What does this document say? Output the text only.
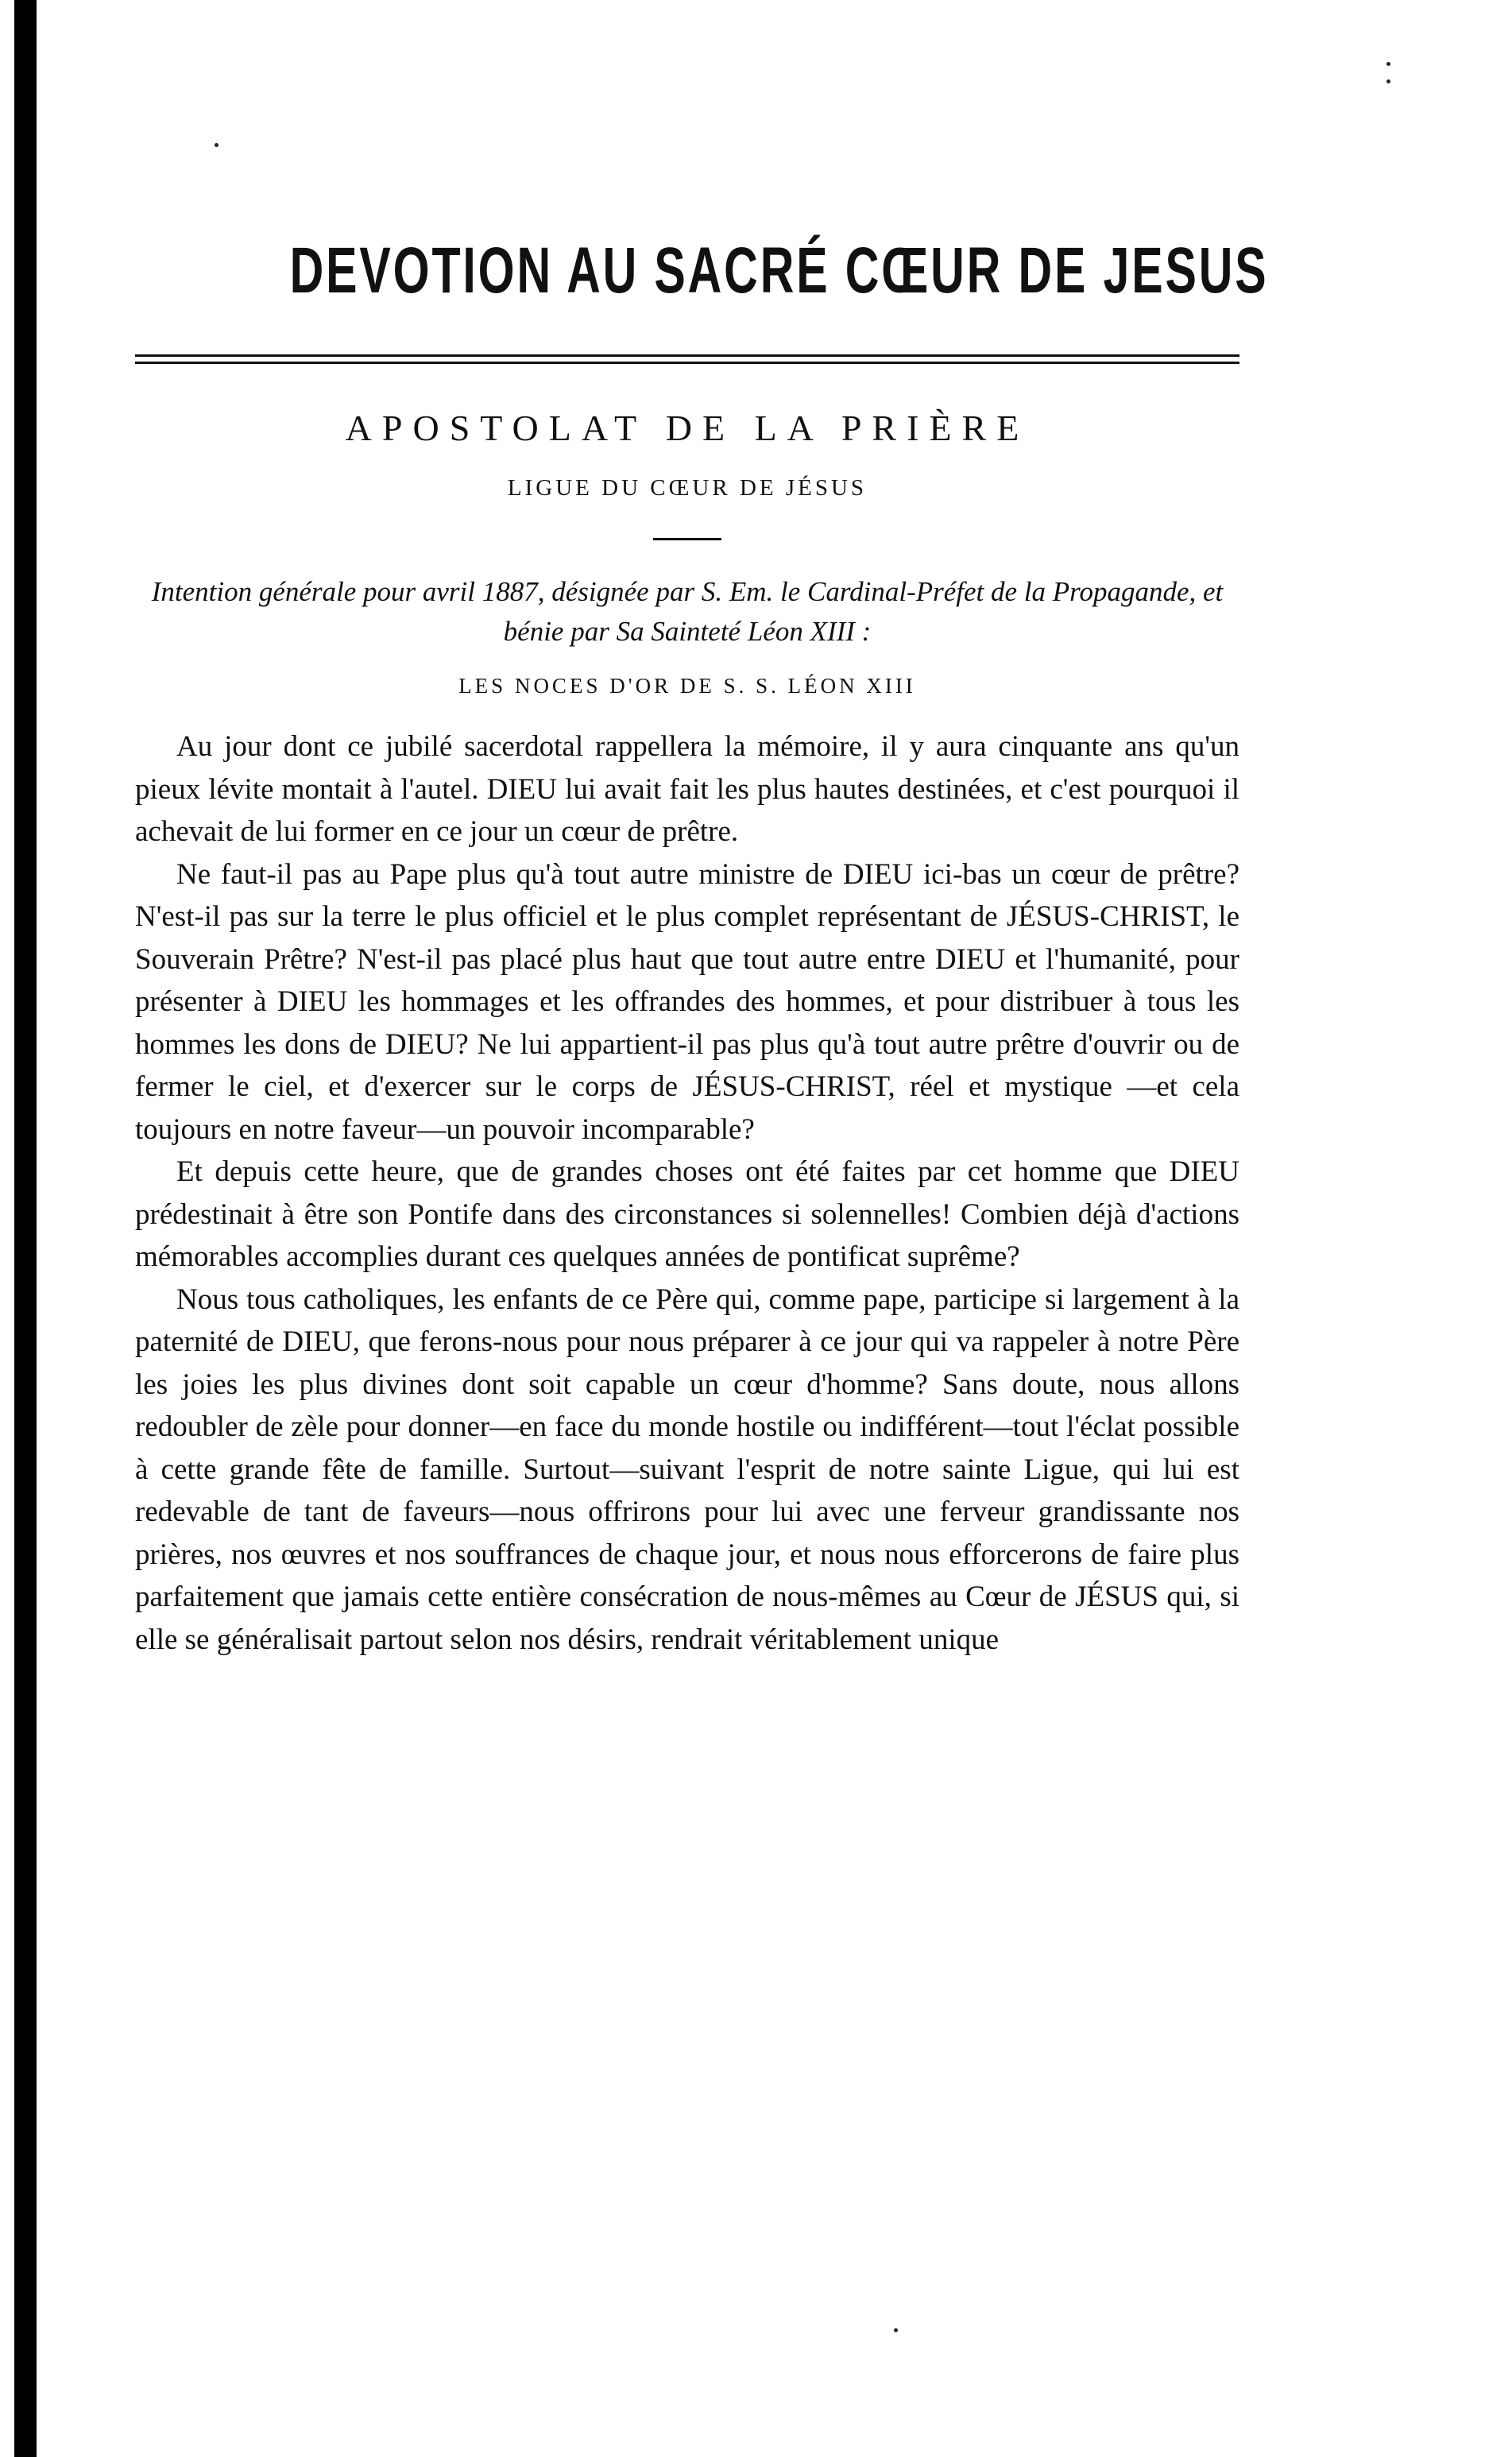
DEVOTION AU SACRÉ CŒUR DE JESUS
APOSTOLAT DE LA PRIÈRE
LIGUE DU CŒUR DE JÉSUS
Intention générale pour avril 1887, désignée par S. Em. le Cardinal-Préfet de la Propagande, et bénie par Sa Sainteté Léon XIII :
LES NOCES D'OR DE S. S. LÉON XIII

Au jour dont ce jubilé sacerdotal rappellera la mémoire, il y aura cinquante ans qu'un pieux lévite montait à l'autel. DIEU lui avait fait les plus hautes destinées, et c'est pourquoi il achevait de lui former en ce jour un cœur de prêtre.

Ne faut-il pas au Pape plus qu'à tout autre ministre de DIEU ici-bas un cœur de prêtre? N'est-il pas sur la terre le plus officiel et le plus complet représentant de JÉSUS-CHRIST, le Souverain Prêtre? N'est-il pas placé plus haut que tout autre entre DIEU et l'humanité, pour présenter à DIEU les hommages et les offrandes des hommes, et pour distribuer à tous les hommes les dons de DIEU? Ne lui appartient-il pas plus qu'à tout autre prêtre d'ouvrir ou de fermer le ciel, et d'exercer sur le corps de JÉSUS-CHRIST, réel et mystique —et cela toujours en notre faveur—un pouvoir incomparable?

Et depuis cette heure, que de grandes choses ont été faites par cet homme que DIEU prédestinait à être son Pontife dans des circonstances si solennelles! Combien déjà d'actions mémorables accomplies durant ces quelques années de pontificat suprême?

Nous tous catholiques, les enfants de ce Père qui, comme pape, participe si largement à la paternité de DIEU, que ferons-nous pour nous préparer à ce jour qui va rappeler à notre Père les joies les plus divines dont soit capable un cœur d'homme? Sans doute, nous allons redoubler de zèle pour donner—en face du monde hostile ou indifférent—tout l'éclat possible à cette grande fête de famille. Surtout—suivant l'esprit de notre sainte Ligue, qui lui est redevable de tant de faveurs—nous offrirons pour lui avec une ferveur grandissante nos prières, nos œuvres et nos souffrances de chaque jour, et nous nous efforcerons de faire plus parfaitement que jamais cette entière consécration de nous-mêmes au Cœur de JÉSUS qui, si elle se généralisait partout selon nos désirs, rendrait véritablement unique
